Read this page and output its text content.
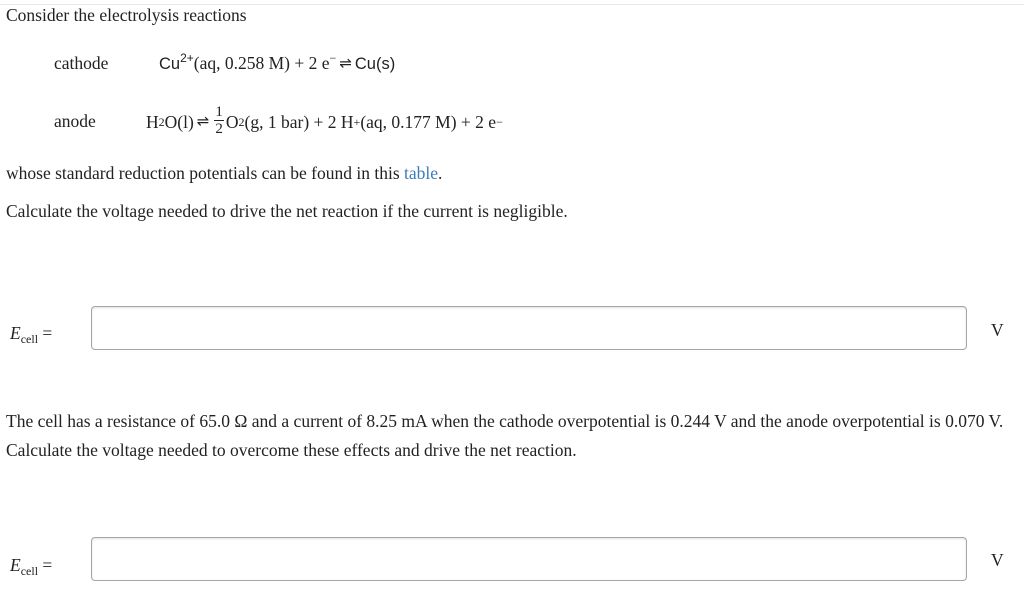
Consider the electrolysis reactions
cathode	$Cu^{2+}(aq$, 0.258 M) + 2 e− ⇌ Cu(s)
anode	H 2 O(l) ⇌ $\frac{1}{2}$ O 2 (g, 1 bar) + 2 H + (aq, 0.177 M) + 2 e −
whose standard reduction potentials can be found in this table.
Calculate the voltage needed to drive the net reaction if the current is negligible.
$E_{cell}$ =	V
The cell has a resistance of 65.0 Ω and a current of 8.25 mA when the cathode overpotential is 0.244 V and the anode overpotential is 0.070 V. Calculate the voltage needed to overcome these effects and drive the net reaction.
$E_{cell}$ =	V
